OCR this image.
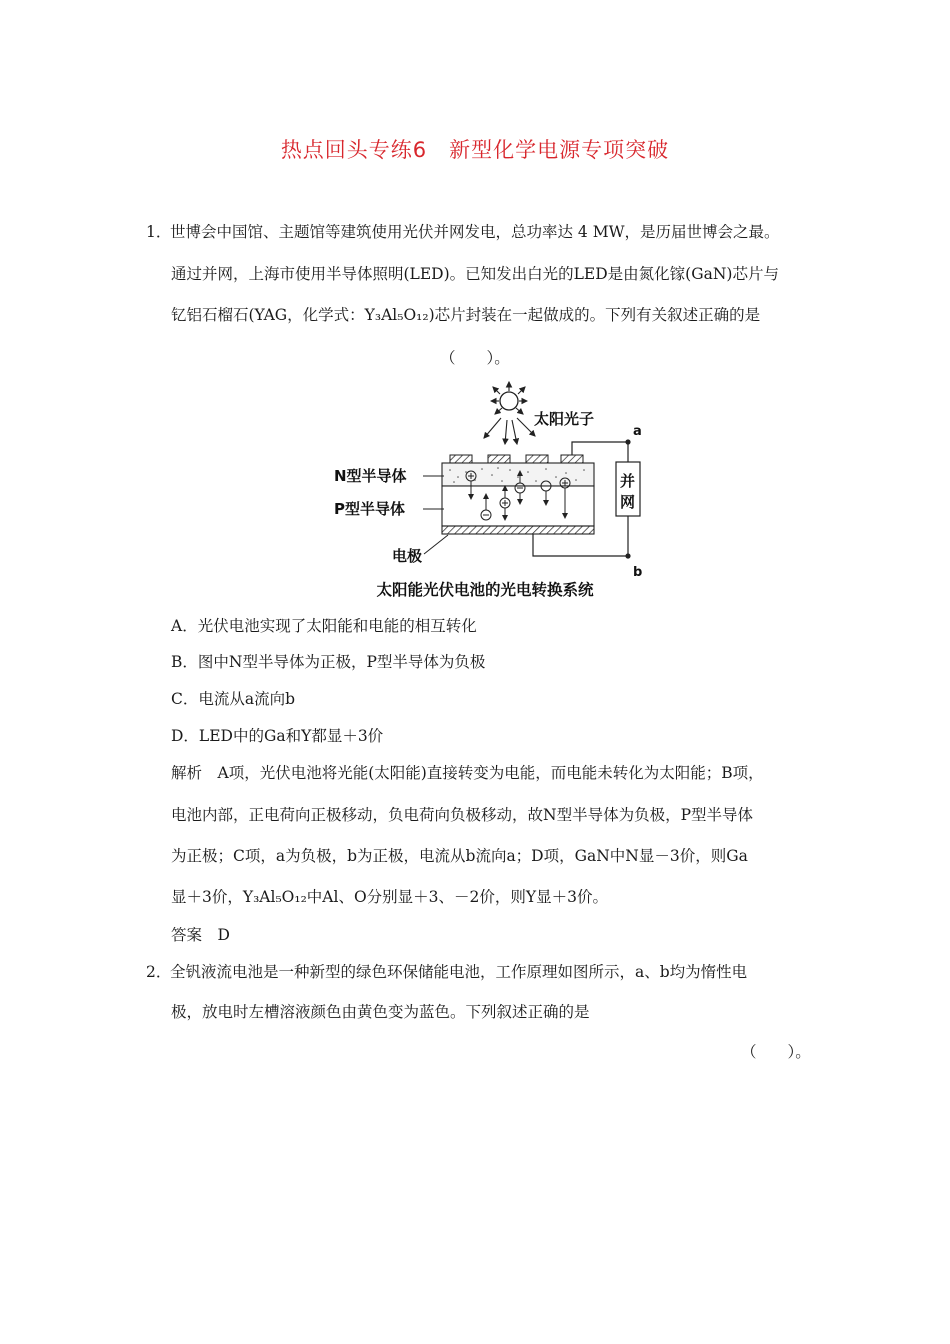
热点回头专练6　新型化学电源专项突破
1．世博会中国馆、主题馆等建筑使用光伏并网发电，总功率达 4 MW，是历届世博会之最。
通过并网，上海市使用半导体照明(LED)。已知发出白光的LED是由氮化镓(GaN)芯片与
钇铝石榴石(YAG，化学式：Y₃Al₅O₁₂)芯片封装在一起做成的。下列有关叙述正确的是
（　　）。
太阳光子
a
b
并
网
N型半导体
P型半导体
电极
太阳能光伏电池的光电转换系统
A．光伏电池实现了太阳能和电能的相互转化
B．图中N型半导体为正极，P型半导体为负极
C．电流从a流向b
D．LED中的Ga和Y都显＋3价
解析　A项，光伏电池将光能(太阳能)直接转变为电能，而电能未转化为太阳能；B项，
电池内部，正电荷向正极移动，负电荷向负极移动，故N型半导体为负极，P型半导体
为正极；C项，a为负极，b为正极，电流从b流向a；D项，GaN中N显－3价，则Ga
显＋3价，Y₃Al₅O₁₂中Al、O分别显＋3、－2价，则Y显＋3价。
答案　D
2．全钒液流电池是一种新型的绿色环保储能电池，工作原理如图所示，a、b均为惰性电
极，放电时左槽溶液颜色由黄色变为蓝色。下列叙述正确的是
（　　）。
